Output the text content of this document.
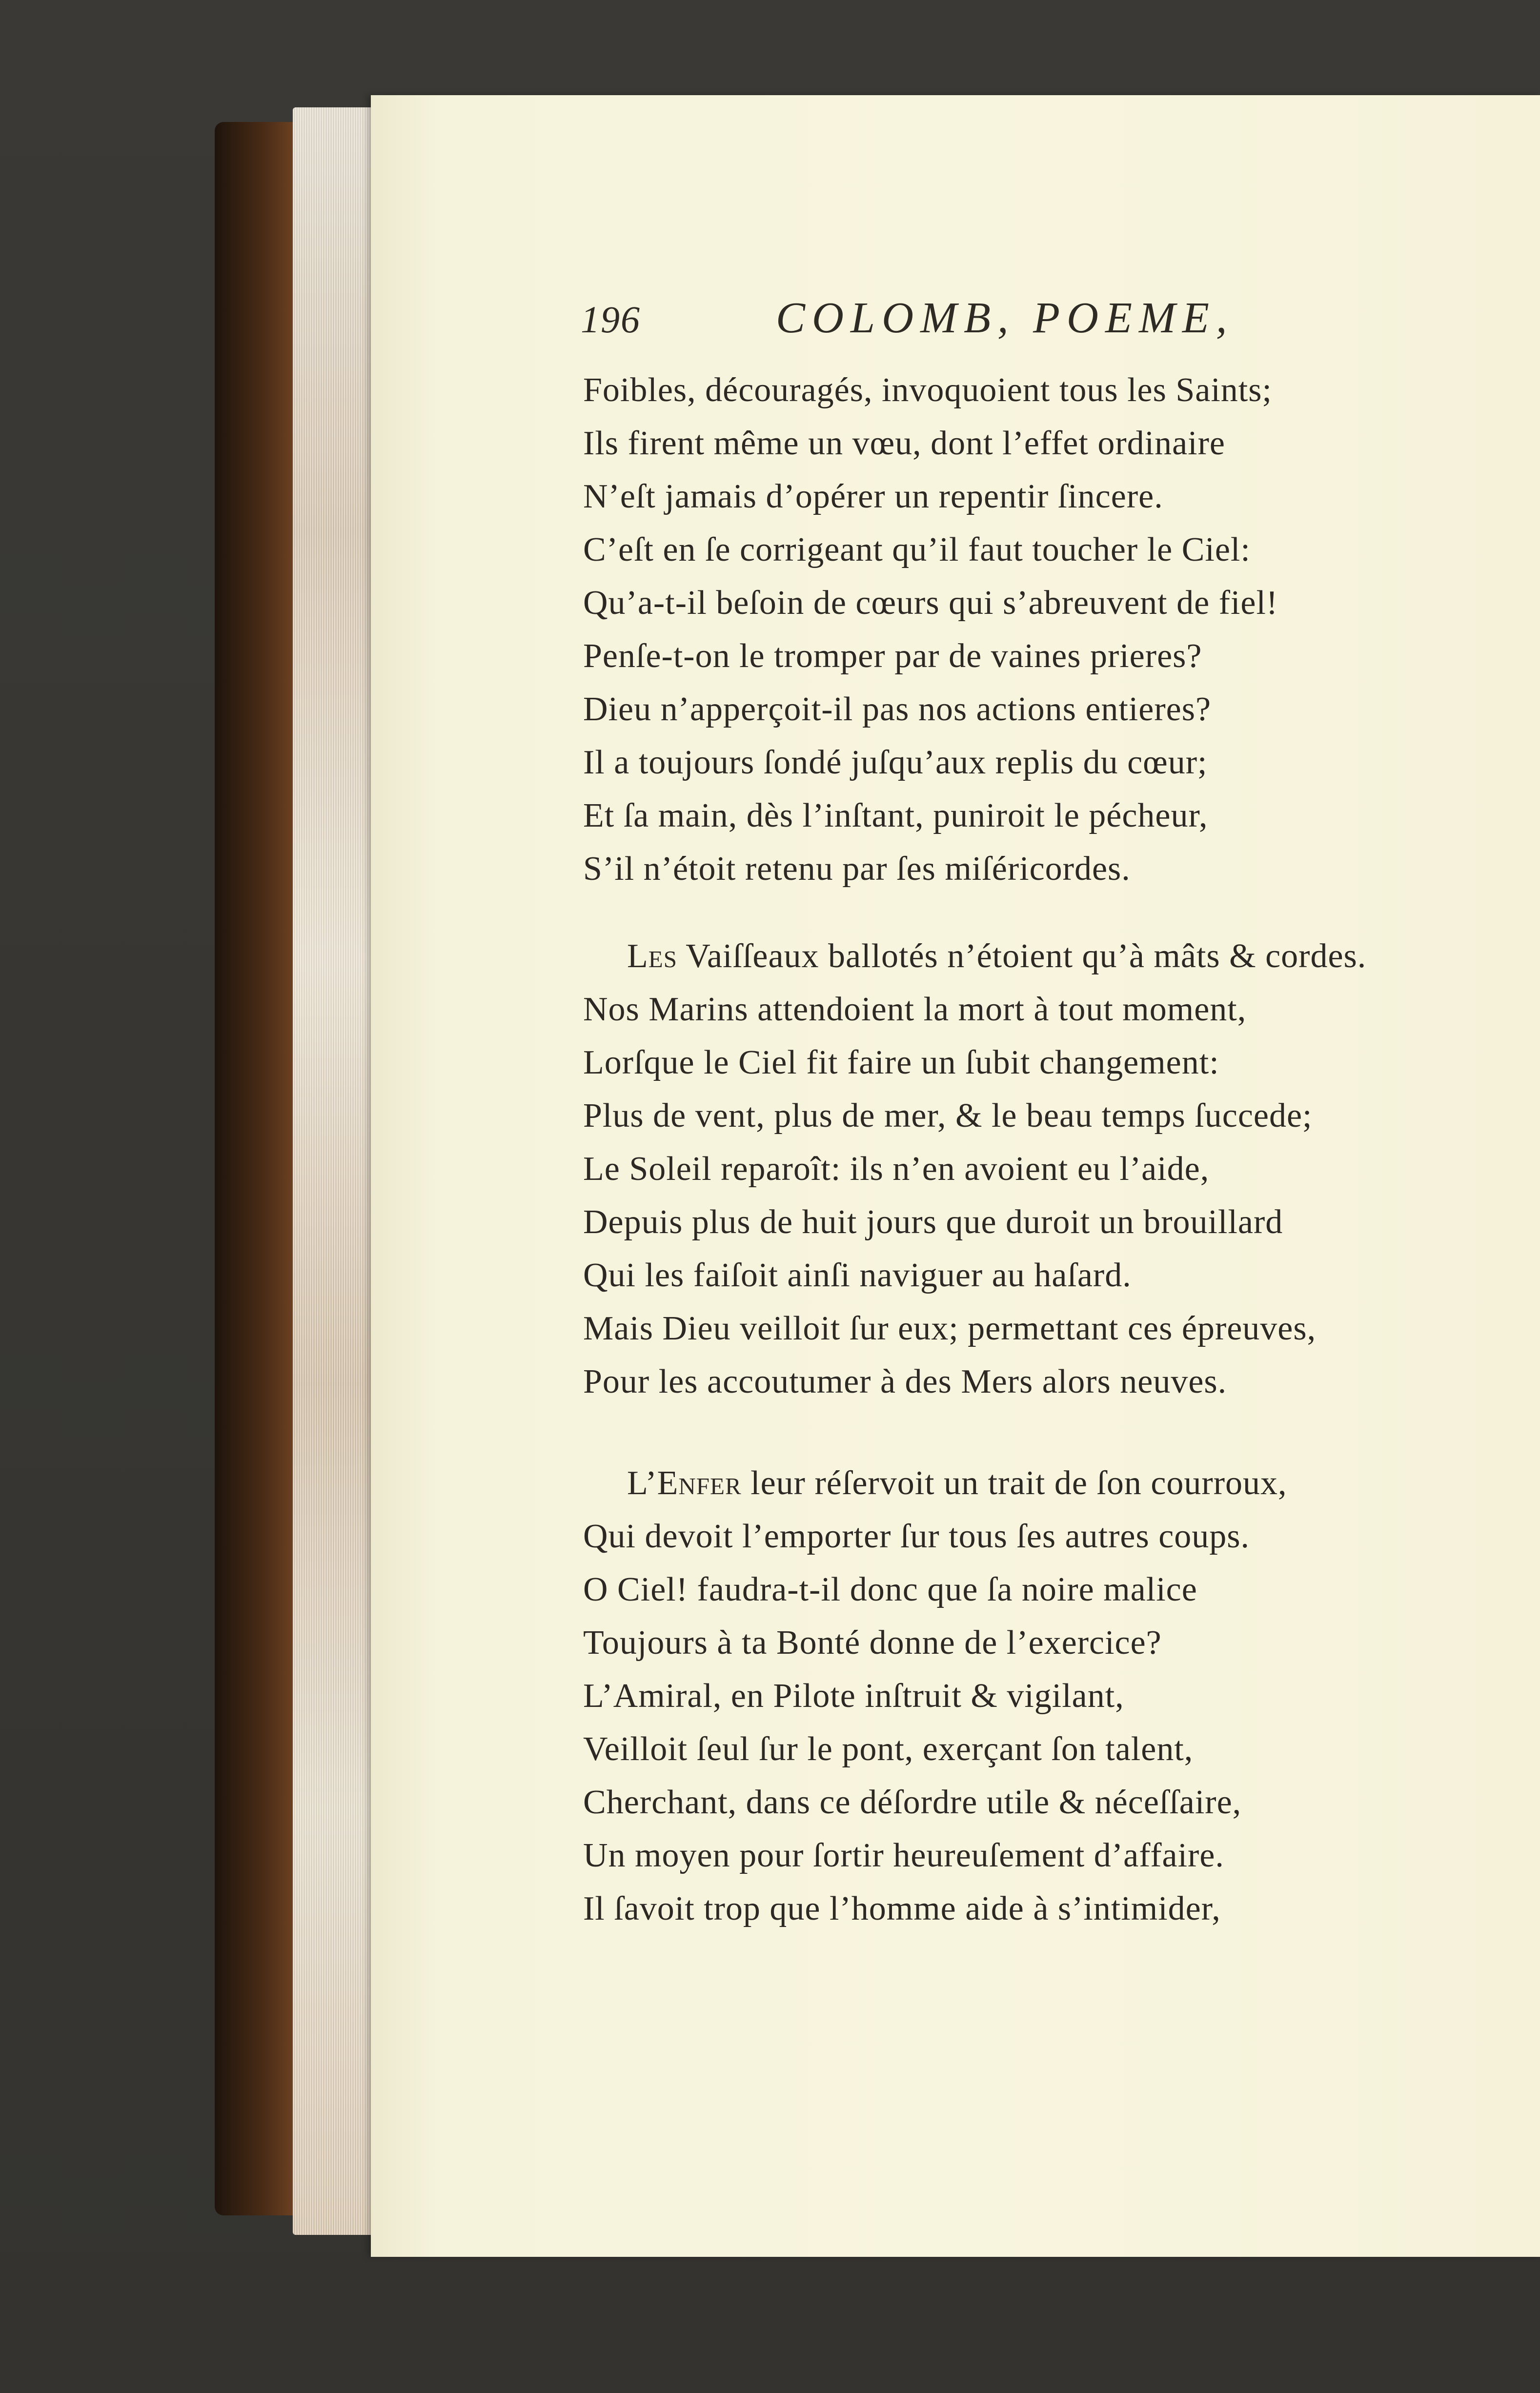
196	COLOMB, POEME,
Foibles, découragés, invoquoient tous les Saints;
Ils firent même un vœu, dont l’effet ordinaire
N’eſt jamais d’opérer un repentir ſincere.
C’eſt en ſe corrigeant qu’il faut toucher le Ciel:
Qu’a-t-il beſoin de cœurs qui s’abreuvent de fiel!
Penſe-t-on le tromper par de vaines prieres?
Dieu n’apperçoit-il pas nos actions entieres?
Il a toujours ſondé juſqu’aux replis du cœur;
Et ſa main, dès l’inſtant, puniroit le pécheur,
S’il n’étoit retenu par ſes miſéricordes.
Les Vaiſſeaux ballotés n’étoient qu’à mâts & cordes.
Nos Marins attendoient la mort à tout moment,
Lorſque le Ciel fit faire un ſubit changement:
Plus de vent, plus de mer, & le beau temps ſuccede;
Le Soleil reparoît: ils n’en avoient eu l’aide,
Depuis plus de huit jours que duroit un brouillard
Qui les faiſoit ainſi naviguer au haſard.
Mais Dieu veilloit ſur eux; permettant ces épreuves,
Pour les accoutumer à des Mers alors neuves.
L’Enfer leur réſervoit un trait de ſon courroux,
Qui devoit l’emporter ſur tous ſes autres coups.
O Ciel! faudra-t-il donc que ſa noire malice
Toujours à ta Bonté donne de l’exercice?
L’Amiral, en Pilote inſtruit & vigilant,
Veilloit ſeul ſur le pont, exerçant ſon talent,
Cherchant, dans ce déſordre utile & néceſſaire,
Un moyen pour ſortir heureuſement d’affaire.
Il ſavoit trop que l’homme aide à s’intimider,
